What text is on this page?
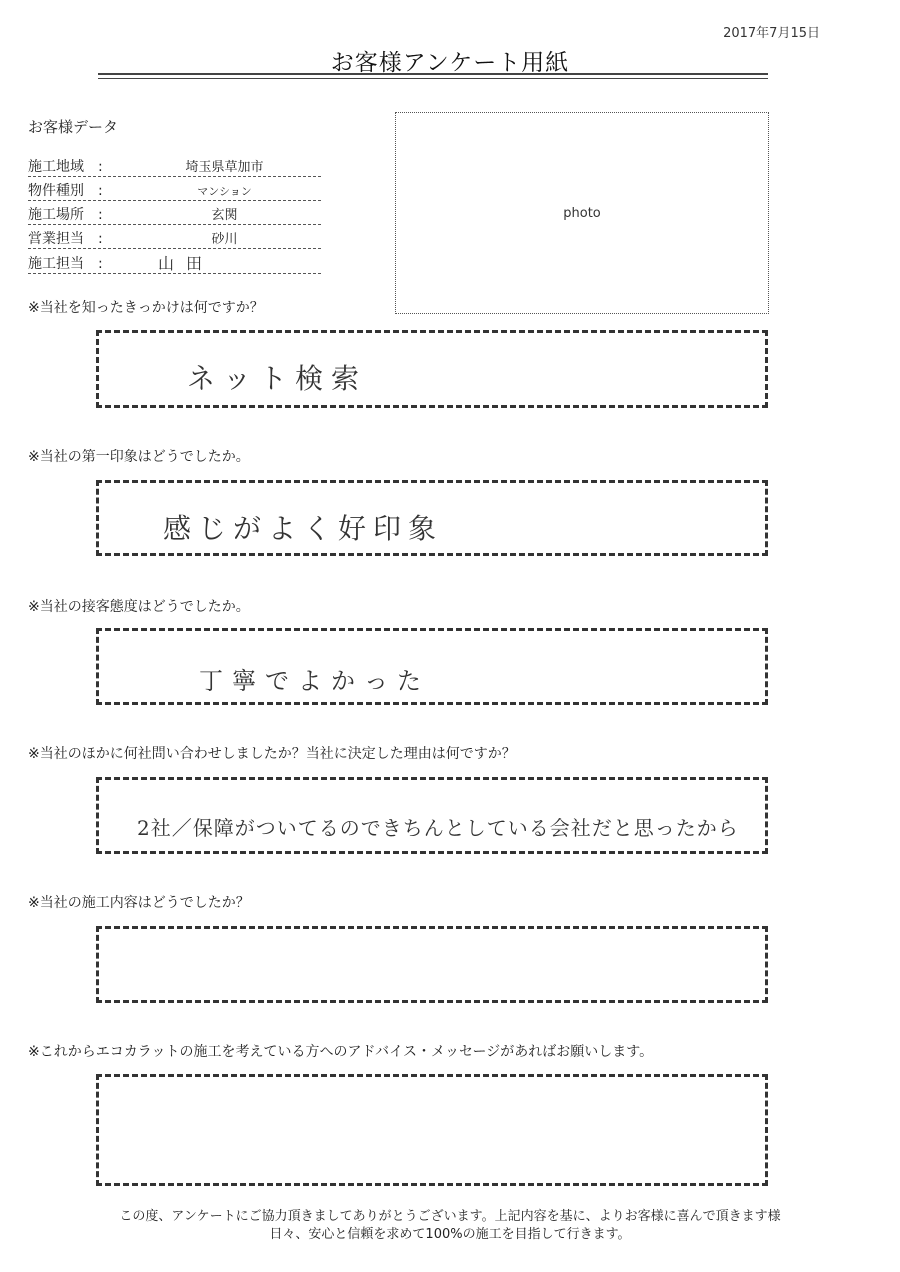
2017年7月15日
お客様アンケート用紙
お客様データ
施工地域 :	埼玉県草加市
物件種別 :	マンション
施工場所 :	玄関
営業担当 :	砂川
施工担当 :	山田
photo
※当社を知ったきっかけは何ですか？
ネット検索
※当社の第一印象はどうでしたか。
感じがよく好印象
※当社の接客態度はどうでしたか。
丁寧でよかった
※当社のほかに何社問い合わせしましたか？当社に決定した理由は何ですか？
2社／保障がついてるのできちんとしている会社だと思ったから
※当社の施工内容はどうでしたか？
※これからエコカラットの施工を考えている方へのアドバイス・メッセージがあればお願いします。
この度、アンケートにご協力頂きましてありがとうございます。上記内容を基に、よりお客様に喜んで頂きます様
日々、安心と信頼を求めて100%の施工を目指して行きます。
